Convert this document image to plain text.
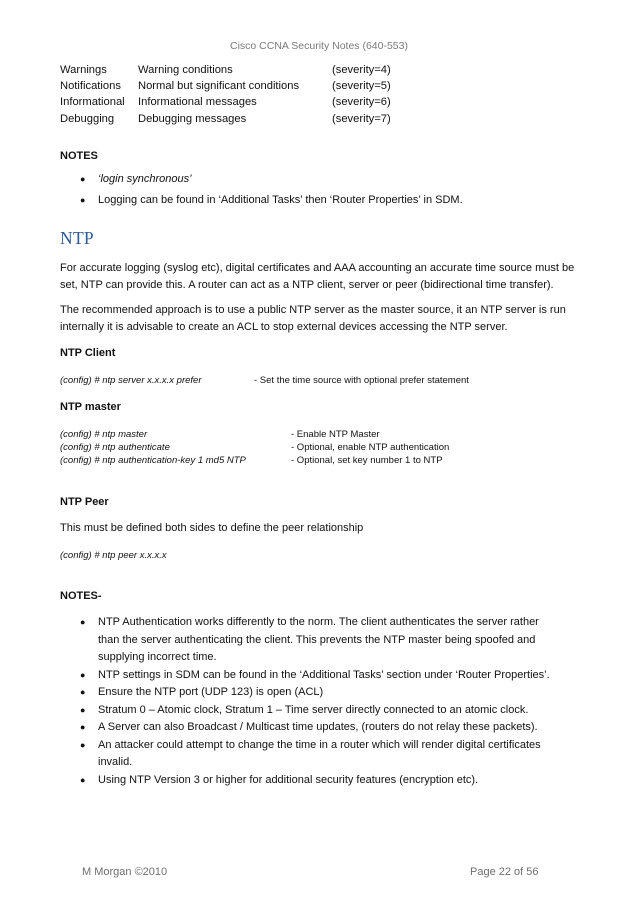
Cisco CCNA Security Notes (640-553)
Warnings	Warning conditions	(severity=4)
Notifications	Normal but significant conditions	(severity=5)
Informational	Informational messages	(severity=6)
Debugging	Debugging messages	(severity=7)
NOTES
● ‘login synchronous’
● Logging can be found in ‘Additional Tasks’ then ‘Router Properties’ in SDM.
NTP
For accurate logging (syslog etc), digital certificates and AAA accounting an accurate time source must be set, NTP can provide this. A router can act as a NTP client, server or peer (bidirectional time transfer).
The recommended approach is to use a public NTP server as the master source, it an NTP server is run internally it is advisable to create an ACL to stop external devices accessing the NTP server.
NTP Client
(config) # ntp server x.x.x.x prefer	- Set the time source with optional prefer statement
NTP master
(config) # ntp master	- Enable NTP Master
(config) # ntp authenticate	- Optional, enable NTP authentication
(config) # ntp authentication-key 1 md5 NTP	- Optional, set key number 1 to NTP
NTP Peer
This must be defined both sides to define the peer relationship
(config) # ntp peer x.x.x.x
NOTES-
● NTP Authentication works differently to the norm. The client authenticates the server rather than the server authenticating the client. This prevents the NTP master being spoofed and supplying incorrect time.
● NTP settings in SDM can be found in the ‘Additional Tasks’ section under ‘Router Properties’.
● Ensure the NTP port (UDP 123) is open (ACL)
● Stratum 0 – Atomic clock, Stratum 1 – Time server directly connected to an atomic clock.
● A Server can also Broadcast / Multicast time updates, (routers do not relay these packets).
● An attacker could attempt to change the time in a router which will render digital certificates invalid.
● Using NTP Version 3 or higher for additional security features (encryption etc).
M Morgan ©2010	Page 22 of 56
